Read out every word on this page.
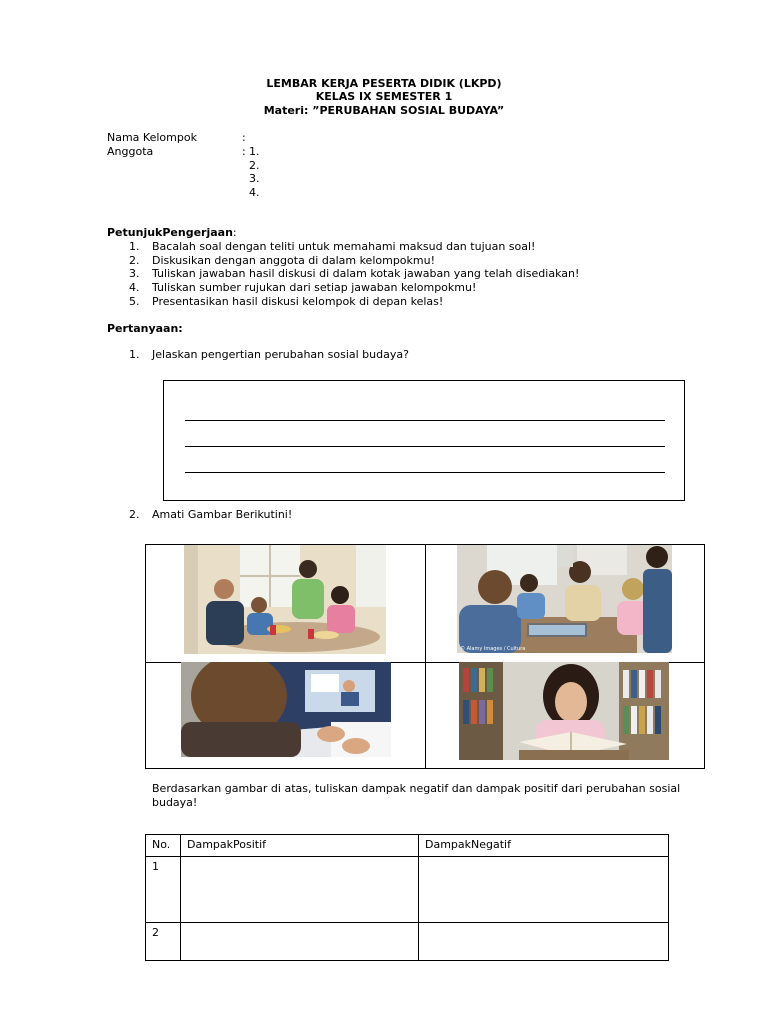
LEMBAR KERJA PESERTA DIDIK (LKPD)
KELAS IX SEMESTER 1
Materi: ”PERUBAHAN SOSIAL BUDAYA”
Nama Kelompok	:
Anggota	: 1.
2.
3.
4.
PetunjukPengerjaan:
1. Bacalah soal dengan teliti untuk memahami maksud dan tujuan soal!
2. Diskusikan dengan anggota di dalam kelompokmu!
3. Tuliskan jawaban hasil diskusi di dalam kotak jawaban yang telah disediakan!
4. Tuliskan sumber rujukan dari setiap jawaban kelompokmu!
5. Presentasikan hasil diskusi kelompok di depan kelas!
Pertanyaan:
1. Jelaskan pengertian perubahan sosial budaya?
2. Amati Gambar Berikutini!
© Alamy Images / Cultura
Berdasarkan gambar di atas, tuliskan dampak negatif dan dampak positif dari perubahan sosial
budaya!
No.	DampakPositif	DampakNegatif
1		
2		
